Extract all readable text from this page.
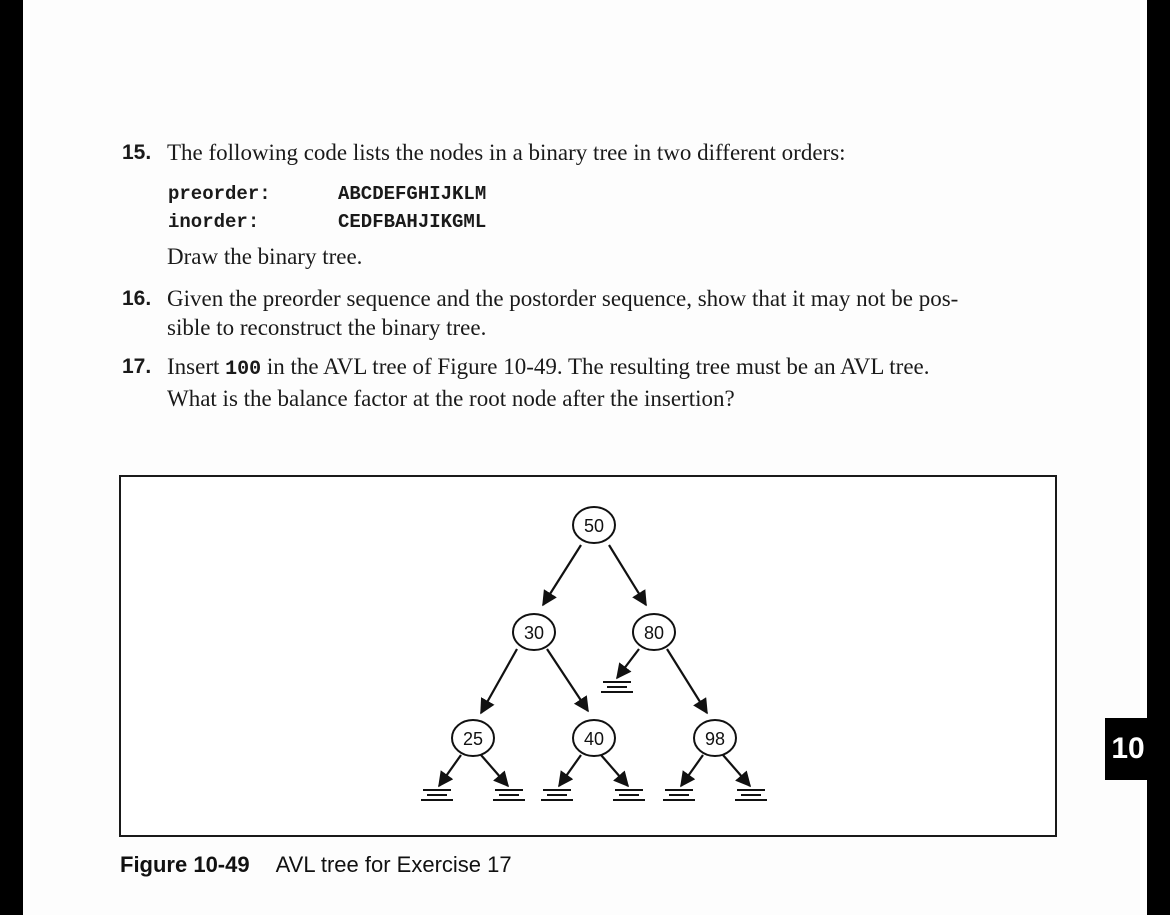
15. The following code lists the nodes in a binary tree in two different orders:
preorder:	ABCDEFGHIJKLM
inorder:	CEDFBAHJIKGML
Draw the binary tree.
16. Given the preorder sequence and the postorder sequence, show that it may not be pos-
sible to reconstruct the binary tree.
17. Insert 100 in the AVL tree of Figure 10-49. The resulting tree must be an AVL tree.
What is the balance factor at the root node after the insertion?
50
30	80
25	40	98
Figure 10-49 AVL tree for Exercise 17
10
